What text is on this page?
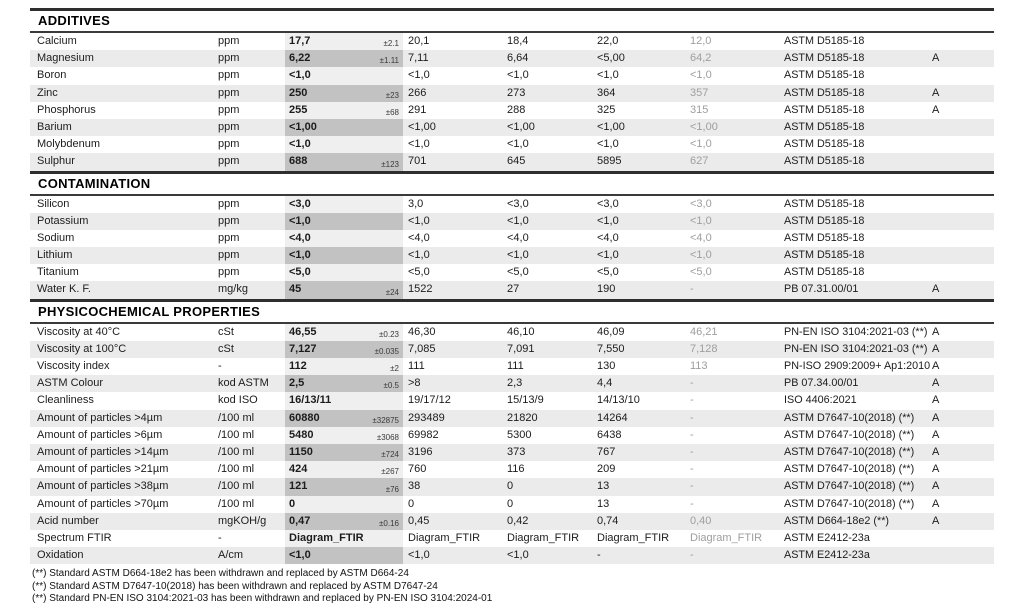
ADDITIVES
Calcium	ppm	17,7	±2.1 20,1	18,4	22,0	12,0	ASTM D5185-18
Magnesium	ppm	6,22	±1.11 7,11	6,64	<5,00	64,2	ASTM D5185-18	A
Boron	ppm	<1,0	<1,0	<1,0	<1,0	<1,0	ASTM D5185-18
Zinc	ppm	250	±23 266	273	364	357	ASTM D5185-18	A
Phosphorus	ppm	255	±68 291	288	325	315	ASTM D5185-18	A
Barium	ppm	<1,00	<1,00	<1,00	<1,00	<1,00	ASTM D5185-18
Molybdenum	ppm	<1,0	<1,0	<1,0	<1,0	<1,0	ASTM D5185-18
Sulphur	ppm	688	±123 701	645	5895	627	ASTM D5185-18
CONTAMINATION
Silicon	ppm	<3,0	3,0	<3,0	<3,0	<3,0	ASTM D5185-18
Potassium	ppm	<1,0	<1,0	<1,0	<1,0	<1,0	ASTM D5185-18
Sodium	ppm	<4,0	<4,0	<4,0	<4,0	<4,0	ASTM D5185-18
Lithium	ppm	<1,0	<1,0	<1,0	<1,0	<1,0	ASTM D5185-18
Titanium	ppm	<5,0	<5,0	<5,0	<5,0	<5,0	ASTM D5185-18
Water K. F.	mg/kg	45	±24 1522	27	190	-	PB 07.31.00/01	A
PHYSICOCHEMICAL PROPERTIES
Viscosity at 40°C	cSt	46,55	±0.23 46,30	46,10	46,09	46,21	PN-EN ISO 3104:2021-03 (**) A
Viscosity at 100°C	cSt	7,127	±0.035 7,085	7,091	7,550	7,128	PN-EN ISO 3104:2021-03 (**) A
Viscosity index	-	112	±2 111	111	130	113	PN-ISO 2909:2009+ Ap1:2010 A
ASTM Colour	kod ASTM	2,5	±0.5 >8	2,3	4,4	-	PB 07.34.00/01	A
Cleanliness	kod ISO	16/13/11	19/17/12	15/13/9	14/13/10	-	ISO 4406:2021	A
Amount of particles >4µm	/100 ml	60880	±32875 293489	21820	14264	-	ASTM D7647-10(2018) (**)	A
Amount of particles >6µm	/100 ml	5480	±3068 69982	5300	6438	-	ASTM D7647-10(2018) (**)	A
Amount of particles >14µm	/100 ml	1150	±724 3196	373	767	-	ASTM D7647-10(2018) (**)	A
Amount of particles >21µm	/100 ml	424	±267 760	116	209	-	ASTM D7647-10(2018) (**)	A
Amount of particles >38µm	/100 ml	121	±76 38	0	13	-	ASTM D7647-10(2018) (**)	A
Amount of particles >70µm	/100 ml	0	0	0	13	-	ASTM D7647-10(2018) (**)	A
Acid number	mgKOH/g	0,47	±0.16 0,45	0,42	0,74	0,40	ASTM D664-18e2 (**)	A
Spectrum FTIR	-	Diagram_FTIR	Diagram_FTIR	Diagram_FTIR	Diagram_FTIR	Diagram_FTIR	ASTM E2412-23a
Oxidation	A/cm	<1,0	<1,0	<1,0	-	-	ASTM E2412-23a
(**) Standard ASTM D664-18e2 has been withdrawn and replaced by ASTM D664-24
(**) Standard ASTM D7647-10(2018) has been withdrawn and replaced by ASTM D7647-24
(**) Standard PN-EN ISO 3104:2021-03 has been withdrawn and replaced by PN-EN ISO 3104:2024-01
